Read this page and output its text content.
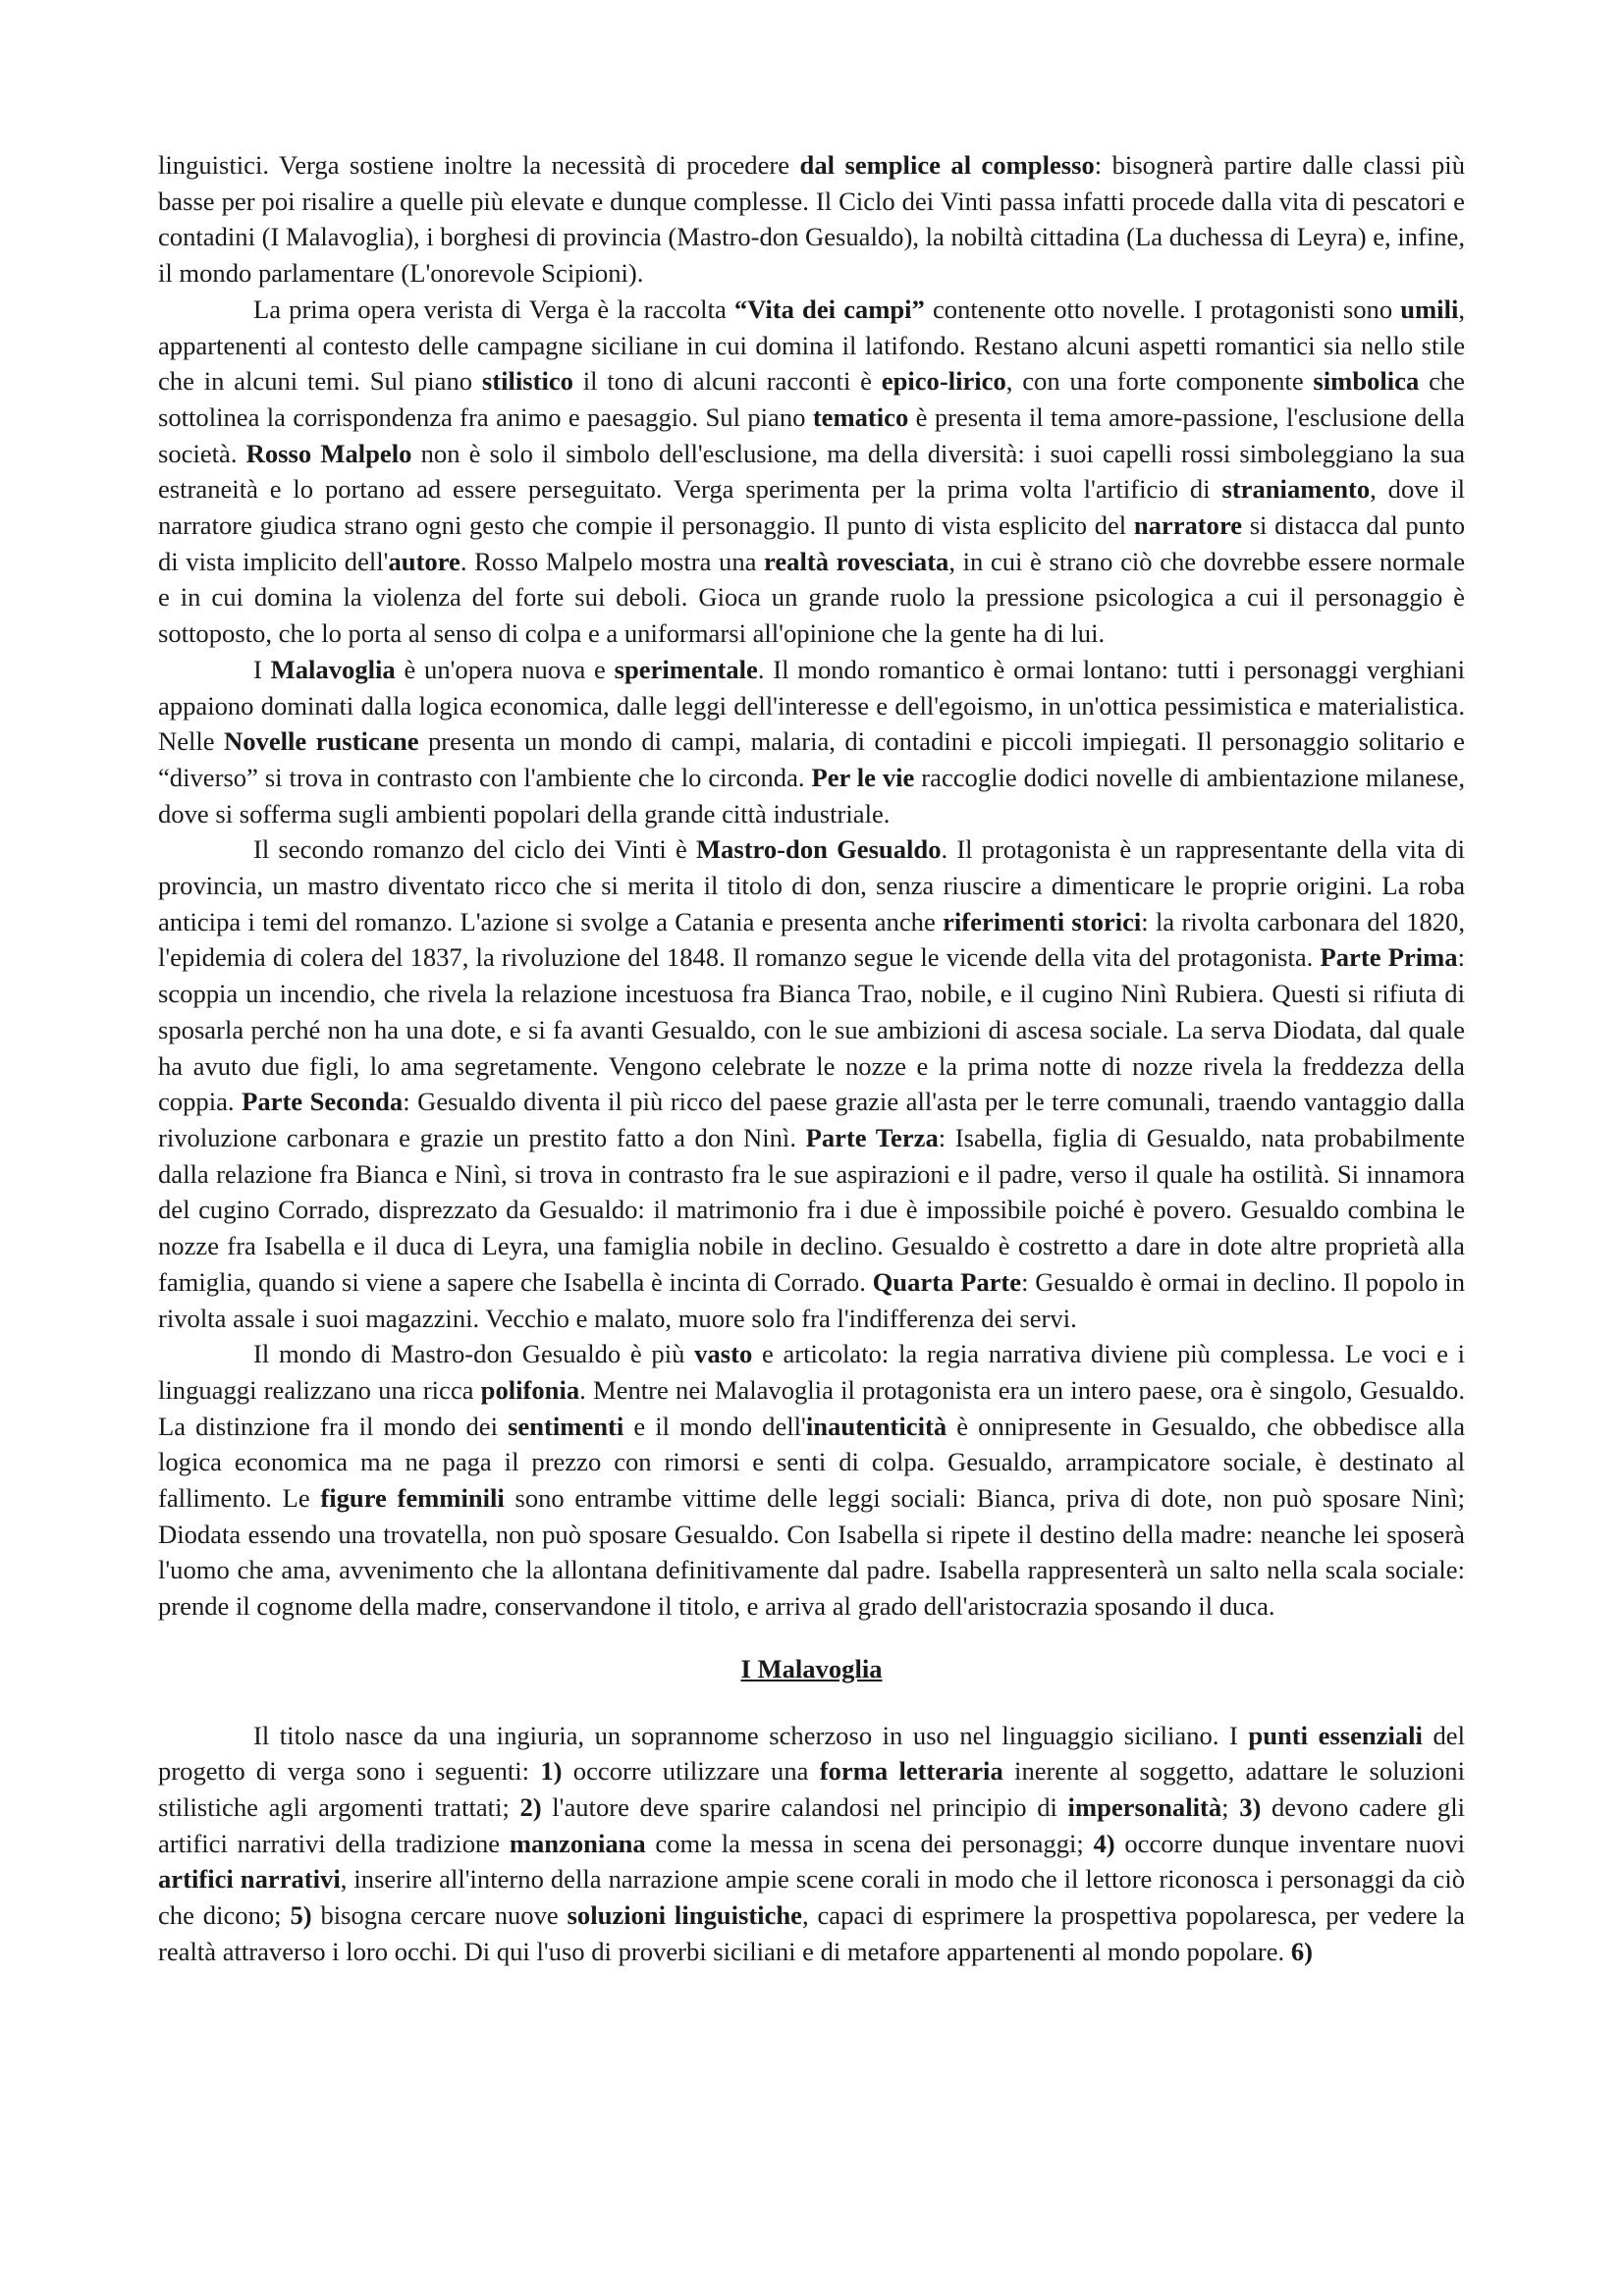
linguistici. Verga sostiene inoltre la necessità di procedere dal semplice al complesso: bisognerà partire dalle classi più basse per poi risalire a quelle più elevate e dunque complesse. Il Ciclo dei Vinti passa infatti procede dalla vita di pescatori e contadini (I Malavoglia), i borghesi di provincia (Mastro-don Gesualdo), la nobiltà cittadina (La duchessa di Leyra) e, infine, il mondo parlamentare (L'onorevole Scipioni).

La prima opera verista di Verga è la raccolta “Vita dei campi” contenente otto novelle. I protagonisti sono umili, appartenenti al contesto delle campagne siciliane in cui domina il latifondo. Restano alcuni aspetti romantici sia nello stile che in alcuni temi. Sul piano stilistico il tono di alcuni racconti è epico-lirico, con una forte componente simbolica che sottolinea la corrispondenza fra animo e paesaggio. Sul piano tematico è presenta il tema amore-passione, l'esclusione della società. Rosso Malpelo non è solo il simbolo dell'esclusione, ma della diversità: i suoi capelli rossi simboleggiano la sua estraneità e lo portano ad essere perseguitato. Verga sperimenta per la prima volta l'artificio di straniamento, dove il narratore giudica strano ogni gesto che compie il personaggio. Il punto di vista esplicito del narratore si distacca dal punto di vista implicito dell'autore. Rosso Malpelo mostra una realtà rovesciata, in cui è strano ciò che dovrebbe essere normale e in cui domina la violenza del forte sui deboli. Gioca un grande ruolo la pressione psicologica a cui il personaggio è sottoposto, che lo porta al senso di colpa e a uniformarsi all'opinione che la gente ha di lui.

I Malavoglia è un'opera nuova e sperimentale. Il mondo romantico è ormai lontano: tutti i personaggi verghiani appaiono dominati dalla logica economica, dalle leggi dell'interesse e dell'egoismo, in un'ottica pessimistica e materialistica. Nelle Novelle rusticane presenta un mondo di campi, malaria, di contadini e piccoli impiegati. Il personaggio solitario e “diverso” si trova in contrasto con l'ambiente che lo circonda. Per le vie raccoglie dodici novelle di ambientazione milanese, dove si sofferma sugli ambienti popolari della grande città industriale.

Il secondo romanzo del ciclo dei Vinti è Mastro-don Gesualdo. Il protagonista è un rappresentante della vita di provincia, un mastro diventato ricco che si merita il titolo di don, senza riuscire a dimenticare le proprie origini. La roba anticipa i temi del romanzo. L'azione si svolge a Catania e presenta anche riferimenti storici: la rivolta carbonara del 1820, l'epidemia di colera del 1837, la rivoluzione del 1848. Il romanzo segue le vicende della vita del protagonista. Parte Prima: scoppia un incendio, che rivela la relazione incestuosa fra Bianca Trao, nobile, e il cugino Ninì Rubiera. Questi si rifiuta di sposarla perché non ha una dote, e si fa avanti Gesualdo, con le sue ambizioni di ascesa sociale. La serva Diodata, dal quale ha avuto due figli, lo ama segretamente. Vengono celebrate le nozze e la prima notte di nozze rivela la freddezza della coppia. Parte Seconda: Gesualdo diventa il più ricco del paese grazie all'asta per le terre comunali, traendo vantaggio dalla rivoluzione carbonara e grazie un prestito fatto a don Ninì. Parte Terza: Isabella, figlia di Gesualdo, nata probabilmente dalla relazione fra Bianca e Ninì, si trova in contrasto fra le sue aspirazioni e il padre, verso il quale ha ostilità. Si innamora del cugino Corrado, disprezzato da Gesualdo: il matrimonio fra i due è impossibile poiché è povero. Gesualdo combina le nozze fra Isabella e il duca di Leyra, una famiglia nobile in declino. Gesualdo è costretto a dare in dote altre proprietà alla famiglia, quando si viene a sapere che Isabella è incinta di Corrado. Quarta Parte: Gesualdo è ormai in declino. Il popolo in rivolta assale i suoi magazzini. Vecchio e malato, muore solo fra l'indifferenza dei servi.

Il mondo di Mastro-don Gesualdo è più vasto e articolato: la regia narrativa diviene più complessa. Le voci e i linguaggi realizzano una ricca polifonia. Mentre nei Malavoglia il protagonista era un intero paese, ora è singolo, Gesualdo. La distinzione fra il mondo dei sentimenti e il mondo dell'inautenticità è onnipresente in Gesualdo, che obbedisce alla logica economica ma ne paga il prezzo con rimorsi e senti di colpa. Gesualdo, arrampicatore sociale, è destinato al fallimento. Le figure femminili sono entrambe vittime delle leggi sociali: Bianca, priva di dote, non può sposare Ninì; Diodata essendo una trovatella, non può sposare Gesualdo. Con Isabella si ripete il destino della madre: neanche lei sposerà l'uomo che ama, avvenimento che la allontana definitivamente dal padre. Isabella rappresenterà un salto nella scala sociale: prende il cognome della madre, conservandone il titolo, e arriva al grado dell'aristocrazia sposando il duca.

I Malavoglia

Il titolo nasce da una ingiuria, un soprannome scherzoso in uso nel linguaggio siciliano. I punti essenziali del progetto di verga sono i seguenti: 1) occorre utilizzare una forma letteraria inerente al soggetto, adattare le soluzioni stilistiche agli argomenti trattati; 2) l'autore deve sparire calandosi nel principio di impersonalità; 3) devono cadere gli artifici narrativi della tradizione manzoniana come la messa in scena dei personaggi; 4) occorre dunque inventare nuovi artifici narrativi, inserire all'interno della narrazione ampie scene corali in modo che il lettore riconosca i personaggi da ciò che dicono; 5) bisogna cercare nuove soluzioni linguistiche, capaci di esprimere la prospettiva popolaresca, per vedere la realtà attraverso i loro occhi. Di qui l'uso di proverbi siciliani e di metafore appartenenti al mondo popolare. 6)
